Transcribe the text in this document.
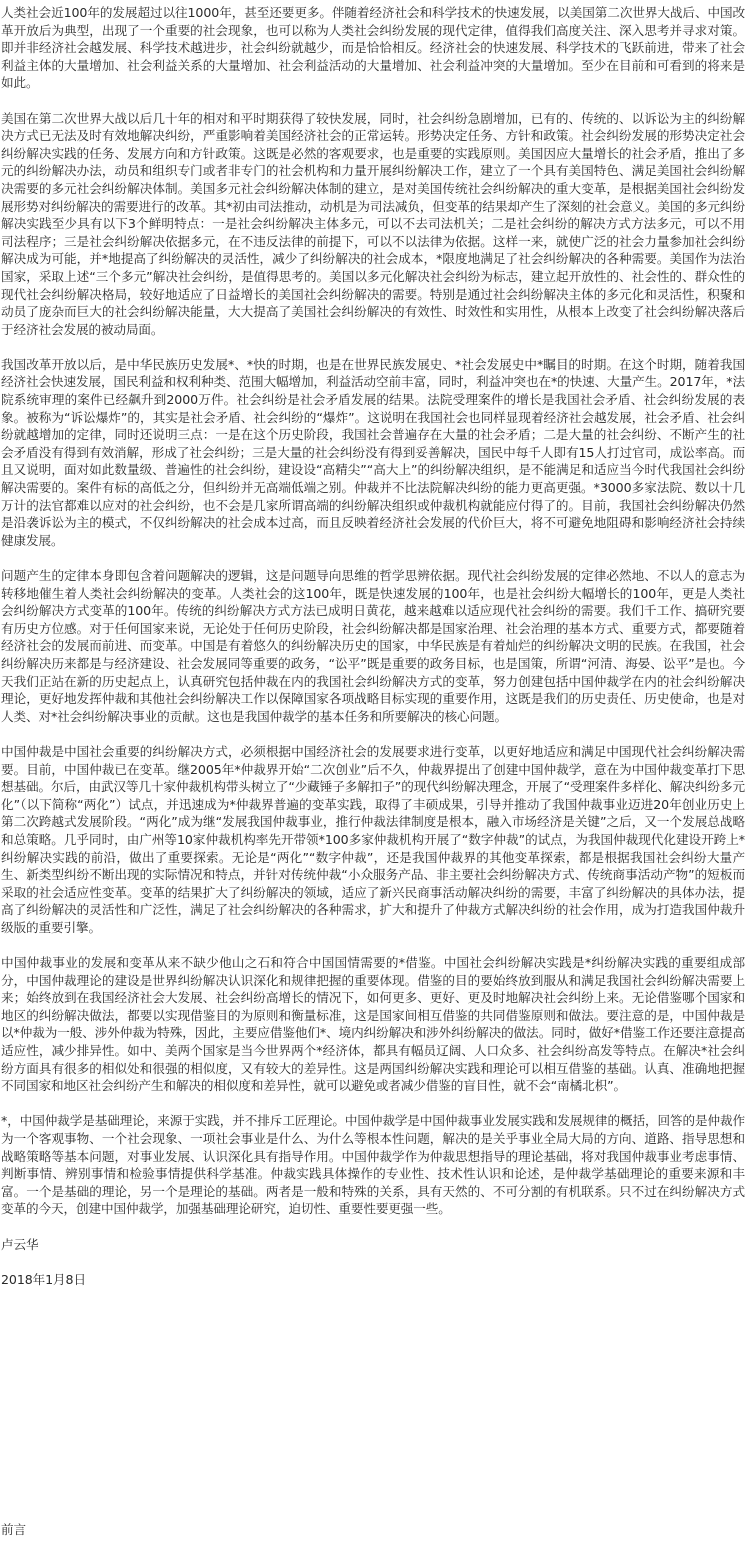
人类社会近100年的发展超过以往1000年，甚至还要更多。伴随着经济社会和科学技术的快速发展，以美国第二次世界大战后、中国改革开放后为典型，出现了一个重要的社会现象，也可以称为人类社会纠纷发展的现代定律，值得我们高度关注、深入思考并寻求对策。即并非经济社会越发展、科学技术越进步，社会纠纷就越少，而是恰恰相反。经济社会的快速发展、科学技术的飞跃前进，带来了社会利益主体的大量增加、社会利益关系的大量增加、社会利益活动的大量增加、社会利益冲突的大量增加。至少在目前和可看到的将来是如此。

美国在第二次世界大战以后几十年的相对和平时期获得了较快发展，同时，社会纠纷急剧增加，已有的、传统的、以诉讼为主的纠纷解决方式已无法及时有效地解决纠纷，严重影响着美国经济社会的正常运转。形势决定任务、方针和政策。社会纠纷发展的形势决定社会纠纷解决实践的任务、发展方向和方针政策。这既是必然的客观要求，也是重要的实践原则。美国因应大量增长的社会矛盾，推出了多元的纠纷解决办法，动员和组织专门或者非专门的社会机构和力量开展纠纷解决工作，建立了一个具有美国特色、满足美国社会纠纷解决需要的多元社会纠纷解决体制。美国多元社会纠纷解决体制的建立，是对美国传统社会纠纷解决的重大变革，是根据美国社会纠纷发展形势对纠纷解决的需要进行的改革。其*初由司法推动，动机是为司法减负，但变革的结果却产生了深刻的社会意义。美国的多元纠纷解决实践至少具有以下3个鲜明特点：一是社会纠纷解决主体多元，可以不去司法机关；二是社会纠纷的解决方式方法多元，可以不用司法程序；三是社会纠纷解决依据多元，在不违反法律的前提下，可以不以法律为依据。这样一来，就使广泛的社会力量参加社会纠纷解决成为可能，并*地提高了纠纷解决的灵活性，减少了纠纷解决的社会成本，*限度地满足了社会纠纷解决的各种需要。美国作为法治国家，采取上述“三个多元”解决社会纠纷，是值得思考的。美国以多元化解决社会纠纷为标志，建立起开放性的、社会性的、群众性的现代社会纠纷解决格局，较好地适应了日益增长的美国社会纠纷解决的需要。特别是通过社会纠纷解决主体的多元化和灵活性，积聚和动员了庞杂而巨大的社会纠纷解决能量，大大提高了美国社会纠纷解决的有效性、时效性和实用性，从根本上改变了社会纠纷解决落后于经济社会发展的被动局面。

我国改革开放以后，是中华民族历史发展*、*快的时期，也是在世界民族发展史、*社会发展史中*瞩目的时期。在这个时期，随着我国经济社会快速发展，国民利益和权利种类、范围大幅增加，利益活动空前丰富，同时，利益冲突也在*的快速、大量产生。2017年，*法院系统审理的案件已经飙升到2000万件。社会纠纷是社会矛盾发展的结果。法院受理案件的增长是我国社会矛盾、社会纠纷发展的表象。被称为“诉讼爆炸”的，其实是社会矛盾、社会纠纷的“爆炸”。这说明在我国社会也同样显现着经济社会越发展，社会矛盾、社会纠纷就越增加的定律，同时还说明三点：一是在这个历史阶段，我国社会普遍存在大量的社会矛盾；二是大量的社会纠纷、不断产生的社会矛盾没有得到有效消解，形成了社会纠纷；三是大量的社会纠纷没有得到妥善解决，国民中每千人即有15人打过官司，成讼率高。而且又说明，面对如此数量级、普遍性的社会纠纷，建设设“高精尖”“高大上”的纠纷解决组织，是不能满足和适应当今时代我国社会纠纷解决需要的。案件有标的高低之分，但纠纷并无高端低端之别。仲裁并不比法院解决纠纷的能力更高更强。*3000多家法院、数以十几万计的法官都难以应对的社会纠纷，也不会是几家所谓高端的纠纷解决组织或仲裁机构就能应付得了的。目前，我国社会纠纷解决仍然是沿袭诉讼为主的模式，不仅纠纷解决的社会成本过高，而且反映着经济社会发展的代价巨大，将不可避免地阻碍和影响经济社会持续健康发展。

问题产生的定律本身即包含着问题解决的逻辑，这是问题导向思维的哲学思辨依据。现代社会纠纷发展的定律必然地、不以人的意志为转移地催生着人类社会纠纷解决的变革。人类社会的这100年，既是快速发展的100年，也是社会纠纷大幅增长的100年，更是人类社会纠纷解决方式变革的100年。传统的纠纷解决方式方法已成明日黄花，越来越难以适应现代社会纠纷的需要。我们千工作、搞研究要有历史方位感。对于任何国家来说，无论处于任何历史阶段，社会纠纷解决都是国家治理、社会治理的基本方式、重要方式，都要随着经济社会的发展而前进、而变革。中国是有着悠久的纠纷解决历史的国家，中华民族是有着灿烂的纠纷解决文明的民族。在我国，社会纠纷解决历来都是与经济建设、社会发展同等重要的政务，“讼平”既是重要的政务目标，也是国策，所谓“河清、海晏、讼平”是也。今天我们正站在新的历史起点上，认真研究包括仲裁在内的我国社会纠纷解决方式的变革，努力创建包括中国仲裁学在内的社会纠纷解决理论，更好地发挥仲裁和其他社会纠纷解决工作以保障国家各项战略目标实现的重要作用，这既是我们的历史责任、历史使命，也是对人类、对*社会纠纷解决事业的贡献。这也是我国仲裁学的基本任务和所要解决的核心问题。

中国仲裁是中国社会重要的纠纷解决方式，必须根据中国经济社会的发展要求进行变革，以更好地适应和满足中国现代社会纠纷解决需要。目前，中国仲裁已在变革。继2005年*仲裁界开始“二次创业”后不久，仲裁界提出了创建中国仲裁学，意在为中国仲裁变革打下思想基础。尔后，由武汉等几十家仲裁机构带头树立了“少藏锤子多解扣子”的现代纠纷解决理念，开展了“受理案件多样化、解决纠纷多元化”（以下简称“两化”）试点，并迅速成为*仲裁界普遍的变革实践，取得了丰硕成果，引导并推动了我国仲裁事业迈进20年创业历史上第二次跨越式发展阶段。“两化”成为继“发展我国仲裁事业，推行仲裁法律制度是根本，融入市场经济是关键”之后，又一个发展总战略和总策略。几乎同时，由广州等10家仲裁机构率先开带领*100多家仲裁机构开展了“数字仲裁”的试点，为我国仲裁现代化建设开跨上*纠纷解决实践的前沿，做出了重要探索。无论是“两化”“数字仲裁”，还是我国仲裁界的其他变革探索，都是根据我国社会纠纷大量产生、新类型纠纷不断出现的实际情况和特点，并针对传统仲裁“小众服务产品、非主要社会纠纷解决方式、传统商事活动产物”的短板而采取的社会适应性变革。变革的结果扩大了纠纷解决的领域，适应了新兴民商事活动解决纠纷的需要，丰富了纠纷解决的具体办法，提高了纠纷解决的灵活性和广泛性，满足了社会纠纷解决的各种需求，扩大和提升了仲裁方式解决纠纷的社会作用，成为打造我国仲裁升级版的重要引擎。

中国仲裁事业的发展和变革从来不缺少他山之石和符合中国国情需要的*借鉴。中国社会纠纷解决实践是*纠纷解决实践的重要组成部分，中国仲裁理论的建设是世界纠纷解决认识深化和规律把握的重要体现。借鉴的目的要始终放到服从和满足我国社会纠纷解决需要上来；始终放到在我国经济社会大发展、社会纠纷高增长的情况下，如何更多、更好、更及时地解决社会纠纷上来。无论借鉴哪个国家和地区的纠纷解决做法，都要以实现借鉴目的为原则和衡量标准，这是国家间相互借鉴的共同借鉴原则和做法。要注意的是，中国仲裁是以*仲裁为一般、涉外仲裁为特殊，因此，主要应借鉴他们*、境内纠纷解决和涉外纠纷解决的做法。同时，做好*借鉴工作还要注意提高适应性，减少排异性。如中、美两个国家是当今世界两个*经济体，都具有幅员辽阔、人口众多、社会纠纷高发等特点。在解决*社会纠纷方面具有很多的相似处和很强的相似度，又有较大的差异性。这是两国纠纷解决实践和理论可以相互借鉴的基础。认真、准确地把握不同国家和地区社会纠纷产生和解决的相似度和差异性，就可以避免或者减少借鉴的盲目性，就不会“南橘北枳”。

*，中国仲裁学是基础理论，来源于实践，并不排斥工匠理论。中国仲裁学是中国仲裁事业发展实践和发展规律的概括，回答的是仲裁作为一个客观事物、一个社会现象、一项社会事业是什么、为什么等根本性问题，解决的是关乎事业全局大局的方向、道路、指导思想和战略策略等基本问题，对事业发展、认识深化具有指导作用。中国仲裁学作为仲裁思想指导的理论基础，将对我国仲裁事业考虑事情、判断事情、辨别事情和检验事情提供科学基准。仲裁实践具体操作的专业性、技术性认识和论述，是仲裁学基础理论的重要来源和丰富。一个是基础的理论，另一个是理论的基础。两者是一般和特殊的关系，具有天然的、不可分割的有机联系。只不过在纠纷解决方式变革的今天，创建中国仲裁学，加强基础理论研究，迫切性、重要性要更强一些。

卢云华

2018年1月8日

前言
